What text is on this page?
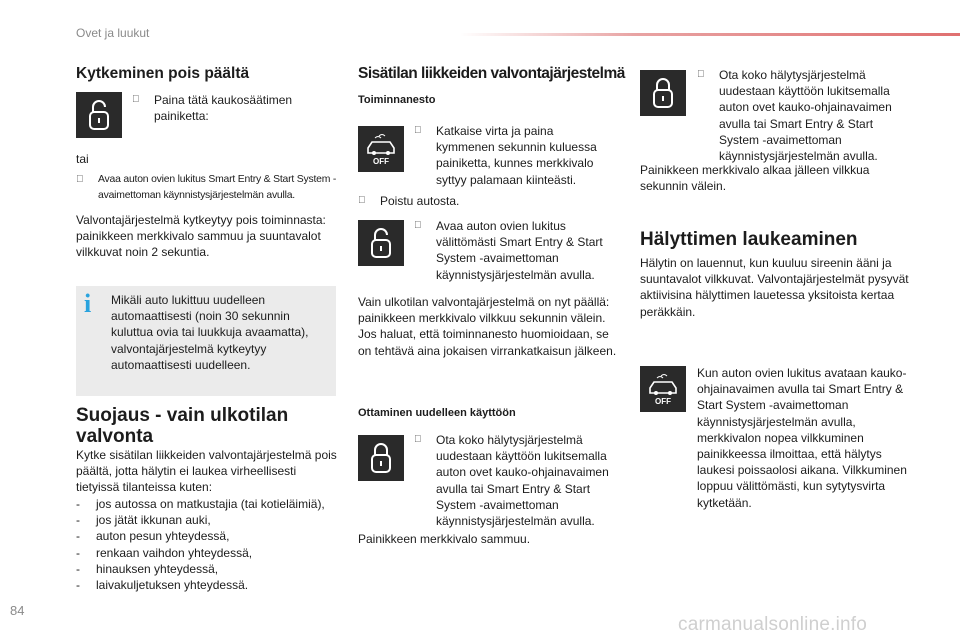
Ovet ja luukut
84
carmanualsonline.info
Kytkeminen pois päältä
Paina tätä kaukosäätimen painiketta:
tai
Avaa auton ovien lukitus Smart Entry & Start System -avaimettoman käynnistysjärjestelmän avulla.

Valvontajärjestelmä kytkeytyy pois toiminnasta: painikkeen merkkivalo sammuu ja suuntavalot vilkkuvat noin 2 sekuntia.

i Mikäli auto lukittuu uudelleen automaattisesti (noin 30 sekunnin kuluttua ovia tai luukkuja avaamatta), valvontajärjestelmä kytkeytyy automaattisesti uudelleen.

Suojaus - vain ulkotilan valvonta

Kytke sisätilan liikkeiden valvontajärjestelmä pois päältä, jotta hälytin ei laukea virheellisesti tietyissä tilanteissa kuten:

- jos autossa on matkustajia (tai kotieläimiä),
- jos jätät ikkunan auki,
- auton pesun yhteydessä,
- renkaan vaihdon yhteydessä,
- hinauksen yhteydessä,
- laivakuljetuksen yhteydessä.
Sisätilan liikkeiden valvontajärjestelmä
Toiminnanesto
OFF
Katkaise virta ja paina kymmenen sekunnin kuluessa painiketta, kunnes merkkivalo syttyy palamaan kiinteästi.
Poistu autosta.
Avaa auton ovien lukitus välittömästi Smart Entry & Start System -avaimettoman käynnistysjärjestelmän avulla.

Vain ulkotilan valvontajärjestelmä on nyt päällä: painikkeen merkkivalo vilkkuu sekunnin välein. Jos haluat, että toiminnanesto huomioidaan, se on tehtävä aina jokaisen virrankatkaisun jälkeen.

Ottaminen uudelleen käyttöön
Ota koko hälytysjärjestelmä uudestaan käyttöön lukitsemalla auton ovet kauko-ohjainavaimen avulla tai Smart Entry & Start System -avaimettoman käynnistysjärjestelmän avulla.

Painikkeen merkkivalo sammuu.

Ota koko hälytysjärjestelmä uudestaan käyttöön lukitsemalla auton ovet kauko-ohjainavaimen avulla tai Smart Entry & Start System -avaimettoman käynnistysjärjestelmän avulla.

Painikkeen merkkivalo alkaa jälleen vilkkua sekunnin välein.

Hälyttimen laukeaminen

Hälytin on lauennut, kun kuuluu sireenin ääni ja suuntavalot vilkkuvat. Valvontajärjestelmät pysyvät aktiivisina hälyttimen lauetessa yksitoista kertaa peräkkäin.

OFF

Kun auton ovien lukitus avataan kauko-ohjainavaimen avulla tai Smart Entry & Start System -avaimettoman käynnistysjärjestelmän avulla, merkkivalon nopea vilkkuminen painikkeessa ilmoittaa, että hälytys laukesi poissaolosi aikana. Vilkkuminen loppuu välittömästi, kun sytytysvirta kytketään.
